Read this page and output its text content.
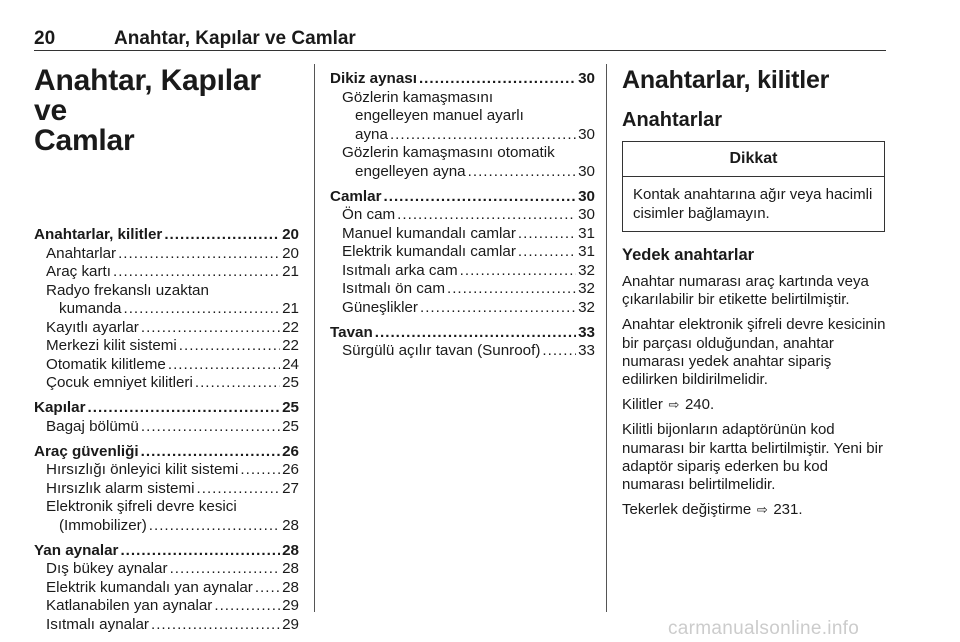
20	Anahtar, Kapılar ve Camlar
Anahtar, Kapılar ve
Camlar
Anahtarlar, kilitler .....	20
Anahtarlar .....	20
Araç kartı .....	21
Radyo frekanslı uzaktan
kumanda .....	21
Kayıtlı ayarlar .....	22
Merkezi kilit sistemi .....	22
Otomatik kilitleme .....	24
Çocuk emniyet kilitleri .....	25
Kapılar .....	25
Bagaj bölümü .....	25
Araç güvenliği .....	26
Hırsızlığı önleyici kilit sistemi .....	26
Hırsızlık alarm sistemi .....	27
Elektronik şifreli devre kesici
(Immobilizer) .....	28
Yan aynalar .....	28
Dış bükey aynalar .....	28
Elektrik kumandalı yan aynalar ..... 28
Katlanabilen yan aynalar .....	29
Isıtmalı aynalar .....	29
Dikiz aynası .....	30
Gözlerin kamaşmasını
engelleyen manuel ayarlı
ayna .....	30
Gözlerin kamaşmasını otomatik
engelleyen ayna .....	30
Camlar .....	30
Ön cam .....	30
Manuel kumandalı camlar .....	31
Elektrik kumandalı camlar .....	31
Isıtmalı arka cam .....	32
Isıtmalı ön cam .....	32
Güneşlikler .....	32
Tavan .....	33
Sürgülü açılır tavan (Sunroof) ..... 33
Anahtarlar, kilitler
Anahtarlar
Dikkat
Kontak anahtarına ağır veya hacimli cisimler bağlamayın.
Yedek anahtarlar

Anahtar numarası araç kartında veya çıkarılabilir bir etikette belirtilmiştir.

Anahtar elektronik şifreli devre kesicinin bir parçası olduğundan, anahtar numarası yedek anahtar sipariş edilirken bildirilmelidir.

Kilitler ⇨ 240.

Kilitli bijonların adaptörünün kod numarası bir kartta belirtilmiştir. Yeni bir adaptör sipariş ederken bu kod numarası belirtilmelidir.

Tekerlek değiştirme ⇨ 231.

carmanualsonline.info
